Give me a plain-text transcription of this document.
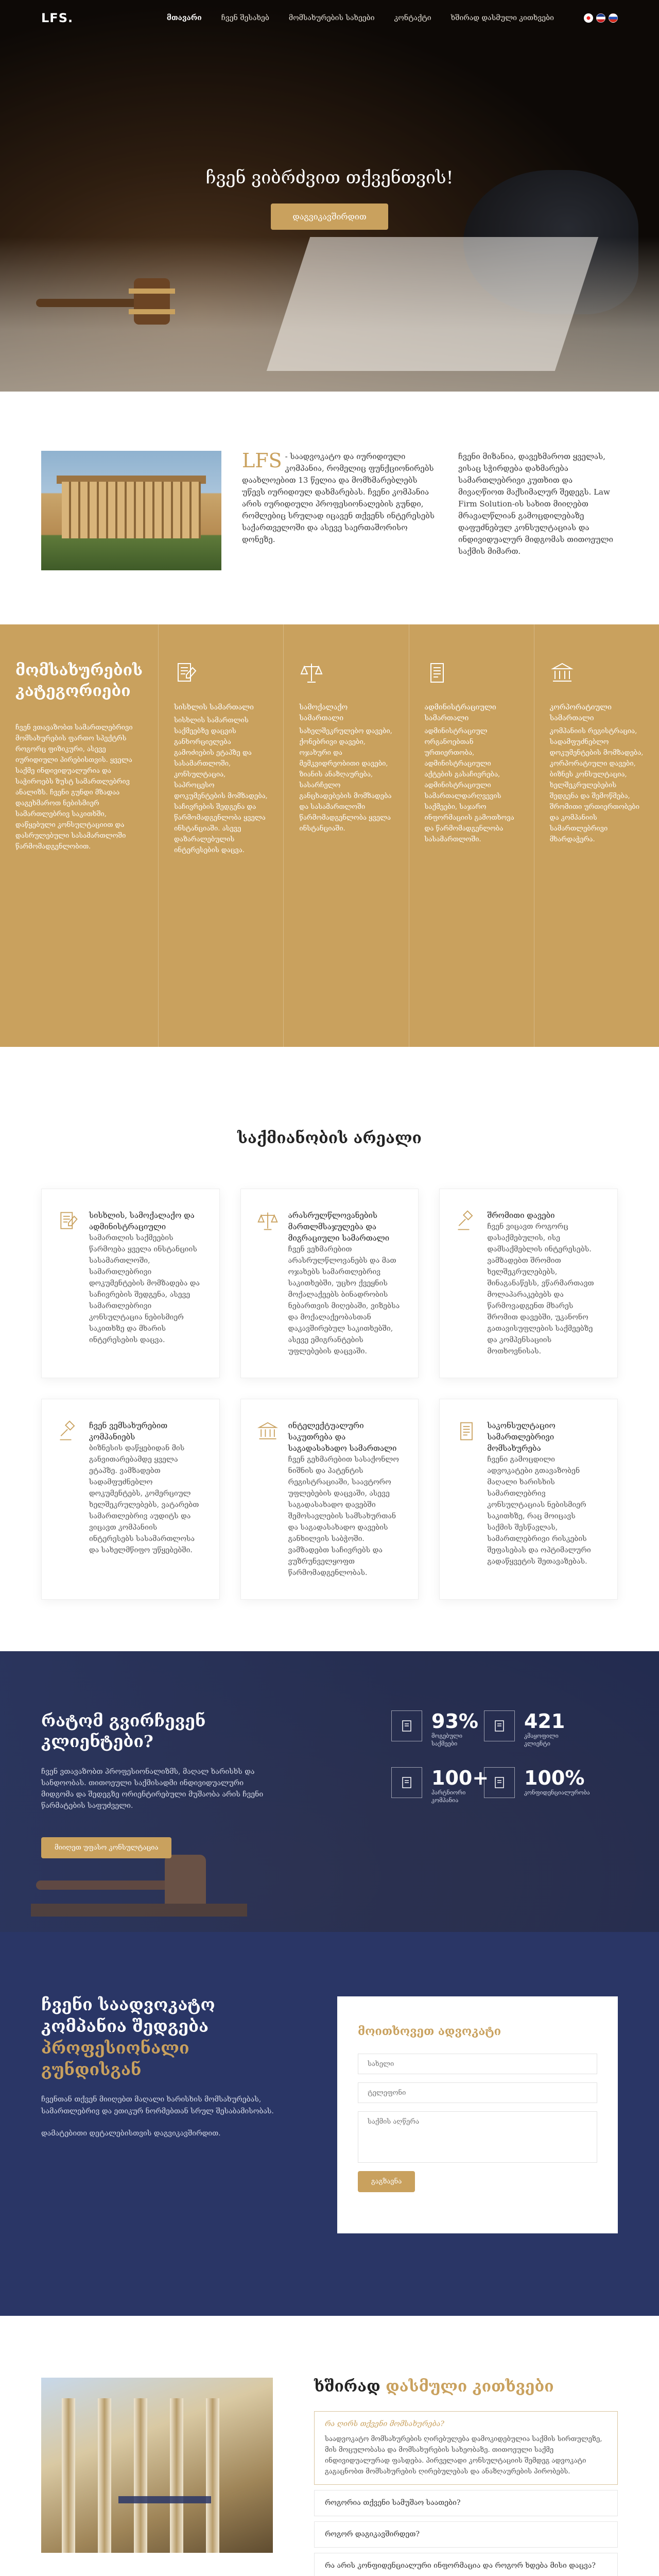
LFS.	მთავარი	ჩვენ შესახებ	მომსახურების სახეები	კონტაქტი	ხშირად დასმული კითხვები
ჩვენ ვიბრძვით თქვენთვის!
დაგვიკავშირდით
LFS - საადვოკატო და იურიდიული კომპანია, რომელიც ფუნქციონირებს დაახლოებით 13 წელია და მომხმარებლებს უწევს იურიდიულ დახმარებას. ჩვენი კომპანია არის იურიდიული პროფესიონალების გუნდი, რომლებიც სრულად იცავენ თქვენს ინტერესებს საქართველოში და ასევე საერთაშორისო დონეზე.

ჩვენი მიზანია, დავეხმაროთ ყველას, ვისაც სჭირდება დახმარება სამართლებრივი კუთხით და მივაღწიოთ მაქსიმალურ შედეგს. Law Firm Solution-ის სახით მიიღებთ მრავალწლიან გამოცდილებაზე დაფუძნებულ კონსულტაციას და ინდივიდუალურ მიდგომას თითოეული საქმის მიმართ.

მომსახურების კატეგორიები

ჩვენ ვთავაზობთ სამართლებრივი მომსახურების ფართო სპექტრს როგორც ფიზიკური, ასევე იურიდიული პირებისთვის. ყველა საქმე ინდივიდუალურია და საჭიროებს ზუსტ სამართლებრივ ანალიზს. ჩვენი გუნდი მზადაა დაგეხმაროთ ნებისმიერ სამართლებრივ საკითხში, დაწყებული კონსულტაციით და დასრულებული სასამართლოში წარმომადგენლობით.

სისხლის სამართალი

სისხლის სამართლის საქმეებზე დაცვის განხორციელება გამოძიების ეტაპზე და სასამართლოში, კონსულტაცია, საპროცესო დოკუმენტების მომზადება, საჩივრების შედგენა და წარმომადგენლობა ყველა ინსტანციაში. ასევე დაზარალებულის ინტერესების დაცვა.

სამოქალაქო სამართალი

სახელშეკრულებო დავები, ქონებრივი დავები, ოჯახური და მემკვიდრეობითი დავები, ზიანის ანაზღაურება, სასარჩელო განცხადებების მომზადება და სასამართლოში წარმომადგენლობა ყველა ინსტანციაში.

ადმინისტრაციული სამართალი

ადმინისტრაციულ ორგანოებთან ურთიერთობა, ადმინისტრაციული აქტების გასაჩივრება, ადმინისტრაციული სამართალდარღვევის საქმეები, საჯარო ინფორმაციის გამოთხოვა და წარმომადგენლობა სასამართლოში.

კორპორატიული სამართალი

კომპანიის რეგისტრაცია, სადამფუძნებლო დოკუმენტების მომზადება, კორპორატიული დავები, ბიზნეს კონსულტაცია, ხელშეკრულებების შედგენა და შემოწმება, შრომითი ურთიერთობები და კომპანიის სამართლებრივი მხარდაჭერა.

საქმიანობის არეალი
სისხლის, სამოქალაქო და ადმინისტრაციული
სამართლის საქმეების წარმოება ყველა ინსტანციის სასამართლოში, სამართლებრივი დოკუმენტების მომზადება და საჩივრების შედგენა, ასევე სამართლებრივი კონსულტაცია ნებისმიერ საკითხზე და მხარის ინტერესების დაცვა.
არასრულწლოვანების მართლმსაჯულება და მიგრაციული სამართალი
ჩვენ ვეხმარებით არასრულწლოვანებს და მათ ოჯახებს სამართლებრივ საკითხებში, უცხო ქვეყნის მოქალაქეებს ბინადრობის ნებართვის მიღებაში, ვიზებსა და მოქალაქეობასთან დაკავშირებულ საკითხებში, ასევე ემიგრანტების უფლებების დაცვაში.
შრომითი დავები
ჩვენ ვიცავთ როგორც დასაქმებულის, ისე დამსაქმებლის ინტერესებს. ვამზადებთ შრომით ხელშეკრულებებს, შინაგანაწესს, ვწარმართავთ მოლაპარაკებებს და წარმოვადგენთ მხარეს შრომით დავებში, უკანონო გათავისუფლების საქმეებზე და კომპენსაციის მოთხოვნისას.
ჩვენ ვემსახურებით კომპანიებს
ბიზნესის დაწყებიდან მის განვითარებამდე ყველა ეტაპზე. ვამზადებთ სადამფუძნებლო დოკუმენტებს, კომერციულ ხელშეკრულებებს, ვატარებთ სამართლებრივ აუდიტს და ვიცავთ კომპანიის ინტერესებს სასამართლოსა და სახელმწიფო უწყებებში.
ინტელექტუალური საკუთრება და საგადასახადო სამართალი
ჩვენ გეხმარებით სასაქონლო ნიშნის და პატენტის რეგისტრაციაში, საავტორო უფლებების დაცვაში, ასევე საგადასახადო დავებში შემოსავლების სამსახურთან და საგადასახადო დავების განხილვის საბჭოში. ვამზადებთ საჩივრებს და ვუზრუნველყოფთ წარმომადგენლობას.
საკონსულტაციო სამართლებრივი მომსახურება
ჩვენი გამოცდილი ადვოკატები გთავაზობენ მაღალი ხარისხის სამართლებრივ კონსულტაციას ნებისმიერ საკითხზე, რაც მოიცავს საქმის შესწავლას, სამართლებრივი რისკების შეფასებას და ოპტიმალური გადაწყვეტის შეთავაზებას.
რატომ გვირჩევენ კლიენტები?

ჩვენ ვთავაზობთ პროფესიონალიზმს, მაღალ ხარისხს და სანდოობას. თითოეული საქმისადმი ინდივიდუალური მიდგომა და შედეგზე ორიენტირებული მუშაობა არის ჩვენი წარმატების საფუძველი.

მიიღეთ უფასო კონსულტაცია
93%
მოგებული საქმეები
421
კმაყოფილი კლიენტი
100+
პარტნიორი კომპანია
100%
კონფიდენციალურობა
ჩვენი საადვოკატო კომპანია შედგება პროფესიონალი გუნდისგან

ჩვენთან თქვენ მიიღებთ მაღალი ხარისხის მომსახურებას, სამართლებრივ და ეთიკურ ნორმებთან სრულ შესაბამისობას.

დამატებითი დეტალებისთვის დაგვიკავშირდით.

მოითხოვეთ ადვოკატი
სახელი
ტელეფონი
საქმის აღწერა გაგზავნა
ხშირად დასმული კითხვები
რა ღირს თქვენი მომსახურება?
საადვოკატო მომსახურების ღირებულება დამოკიდებულია საქმის სირთულეზე, მის მოცულობასა და მომსახურების სახეობაზე. თითოეული საქმე ინდივიდუალურად ფასდება. პირველადი კონსულტაციის შემდეგ ადვოკატი გაგაცნობთ მომსახურების ღირებულებას და ანაზღაურების პირობებს.
როგორია თქვენი სამუშაო საათები?
როგორ დაგიკავშირდეთ?
რა არის კონფიდენციალური ინფორმაცია და როგორ ხდება მისი დაცვა?
